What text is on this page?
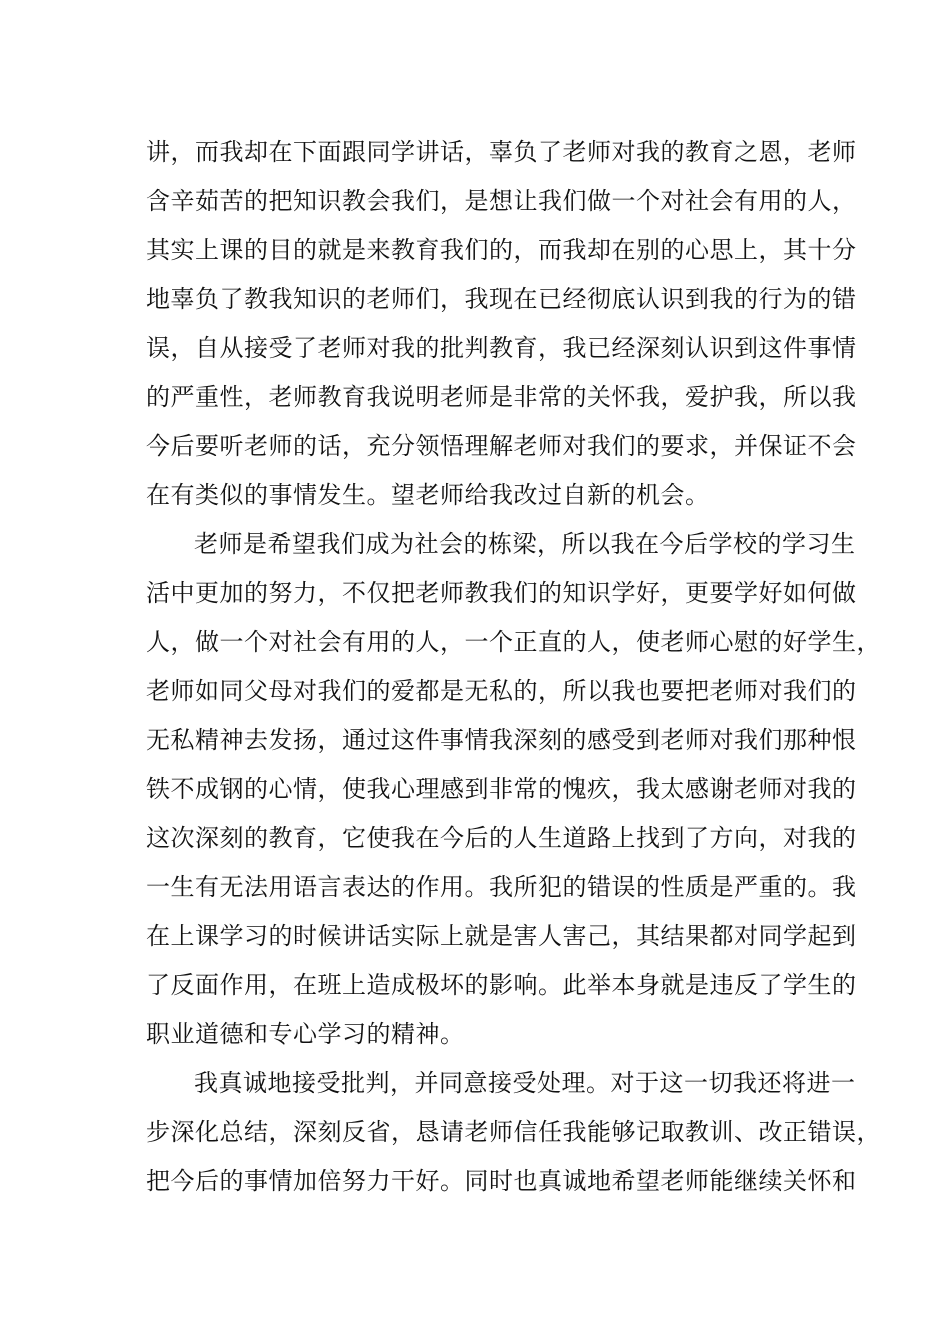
讲，而我却在下面跟同学讲话，辜负了老师对我的教育之恩，老师
含辛茹苦的把知识教会我们，是想让我们做一个对社会有用的人，
其实上课的目的就是来教育我们的，而我却在别的心思上，其十分
地辜负了教我知识的老师们，我现在已经彻底认识到我的行为的错
误，自从接受了老师对我的批判教育，我已经深刻认识到这件事情
的严重性，老师教育我说明老师是非常的关怀我，爱护我，所以我
今后要听老师的话，充分领悟理解老师对我们的要求，并保证不会
在有类似的事情发生。望老师给我改过自新的机会。
老师是希望我们成为社会的栋梁，所以我在今后学校的学习生
活中更加的努力，不仅把老师教我们的知识学好，更要学好如何做
人，做一个对社会有用的人，一个正直的人，使老师心慰的好学生，
老师如同父母对我们的爱都是无私的，所以我也要把老师对我们的
无私精神去发扬，通过这件事情我深刻的感受到老师对我们那种恨
铁不成钢的心情，使我心理感到非常的愧疚，我太感谢老师对我的
这次深刻的教育，它使我在今后的人生道路上找到了方向，对我的
一生有无法用语言表达的作用。我所犯的错误的性质是严重的。我
在上课学习的时候讲话实际上就是害人害己，其结果都对同学起到
了反面作用，在班上造成极坏的影响。此举本身就是违反了学生的
职业道德和专心学习的精神。
我真诚地接受批判，并同意接受处理。对于这一切我还将进一
步深化总结，深刻反省，恳请老师信任我能够记取教训、改正错误，
把今后的事情加倍努力干好。同时也真诚地希望老师能继续关怀和
